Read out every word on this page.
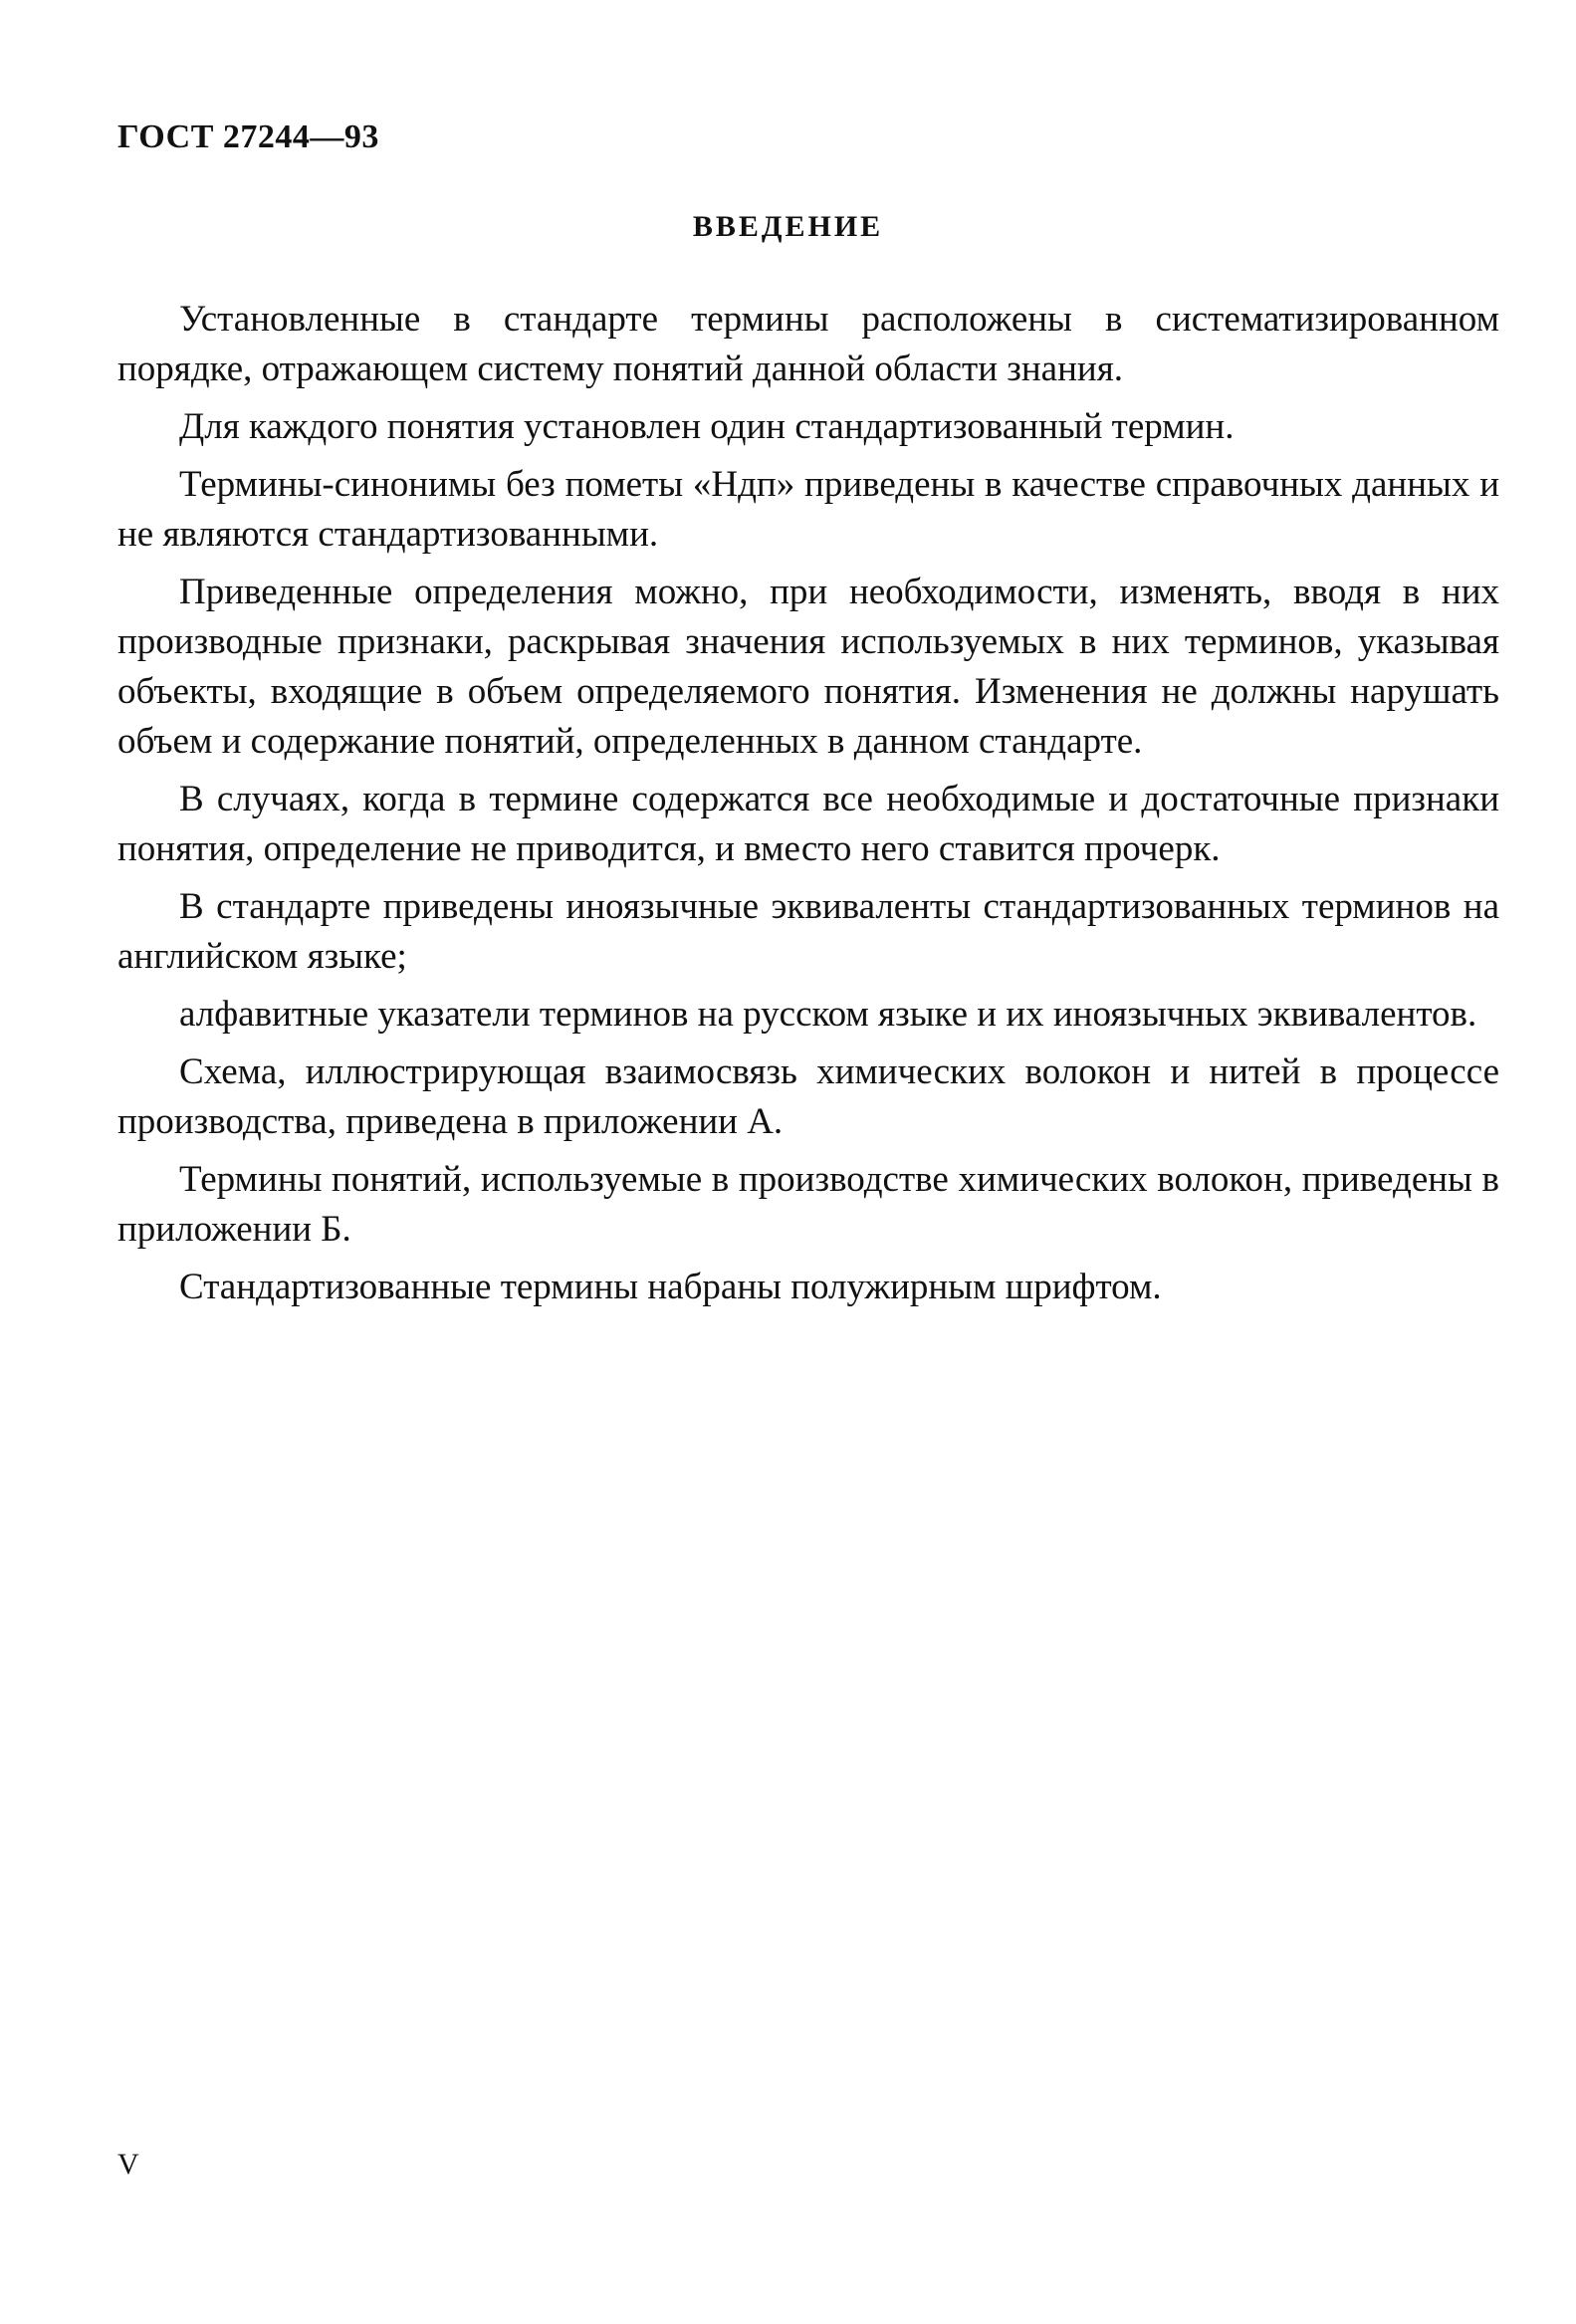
ГОСТ 27244—93

ВВЕДЕНИЕ

Установленные в стандарте термины расположены в систематизированном порядке, отражающем систему понятий данной области знания.

Для каждого понятия установлен один стандартизованный термин.

Термины-синонимы без пометы «Ндп» приведены в качестве справочных данных и не являются стандартизованными.

Приведенные определения можно, при необходимости, изменять, вводя в них производные признаки, раскрывая значения используемых в них терминов, указывая объекты, входящие в объем определяемого понятия. Изменения не должны нарушать объем и содержание понятий, определенных в данном стандарте.

В случаях, когда в термине содержатся все необходимые и достаточные признаки понятия, определение не приводится, и вместо него ставится прочерк.

В стандарте приведены иноязычные эквиваленты стандартизованных терминов на английском языке;

алфавитные указатели терминов на русском языке и их иноязычных эквивалентов.

Схема, иллюстрирующая взаимосвязь химических волокон и нитей в процессе производства, приведена в приложении А.

Термины понятий, используемые в производстве химических волокон, приведены в приложении Б.

Стандартизованные термины набраны полужирным шрифтом.

V
